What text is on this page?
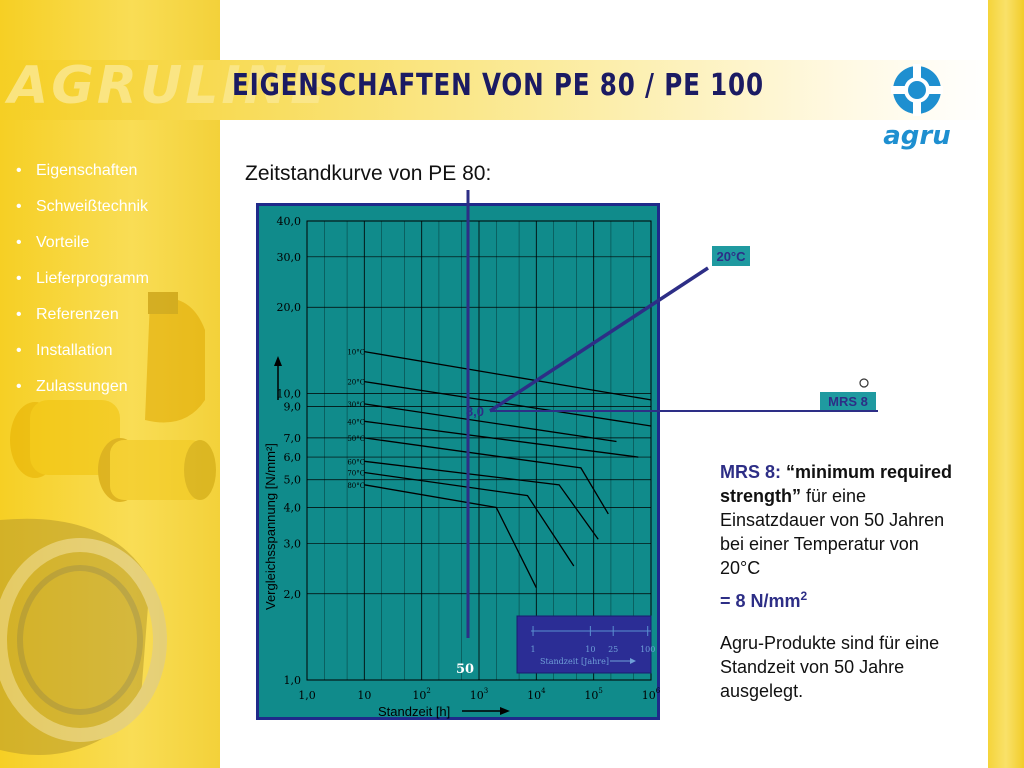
AGRULINE
EIGENSCHAFTEN VON PE 80 / PE 100
agru
• Eigenschaften
• Schweißtechnik
• Vorteile
• Lieferprogramm
• Referenzen
• Installation
• Zulassungen
Zeitstandkurve von PE 80:
10°C
20°C
30°C
40°C
50°C
60°C
70°C
80°C
1,0
2,0
3,0
4,0
5,0
6,0
7,0
9,0
10,0
20,0
30,0
40,0
1,0	10	$10^2$	$10^3$	$10^4$	$10^5$	$10^6$
Standzeit [h]
Vergleichsspannung [N/mm²]
1	10 25	100
Standzeit [Jahre]
50
8,0
20°C
MRS 8

MRS 8: “minimum required strength” für eine Einsatzdauer von 50 Jahren bei einer Temperatur von 20°C

= 8 $N/mm^2$

Agru-Produkte sind für eine Standzeit von 50 Jahre ausgelegt.
